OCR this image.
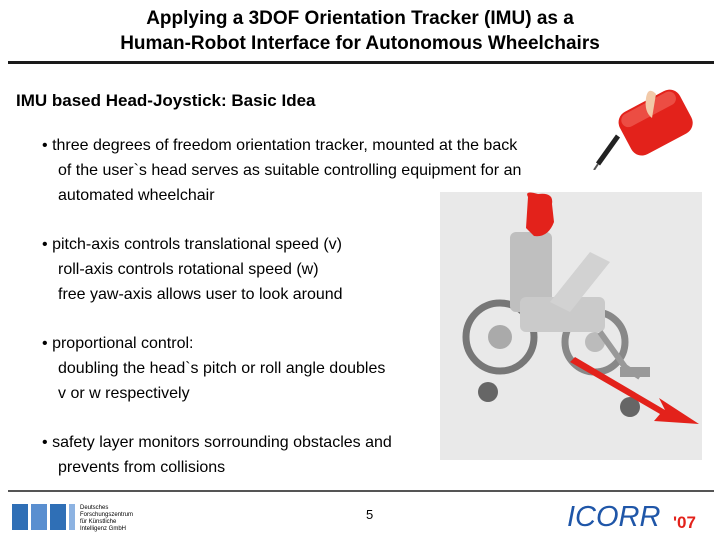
Applying a 3DOF Orientation Tracker (IMU) as a
Human-Robot Interface for Autonomous Wheelchairs
IMU based Head-Joystick: Basic Idea
• three degrees of freedom orientation tracker, mounted at the back
of the user`s head serves as suitable controlling equipment for an
automated wheelchair
• pitch-axis controls translational speed (v)
roll-axis controls rotational speed (w)
free yaw-axis allows user to look around
• proportional control:
doubling the head`s pitch or roll angle doubles
v or w respectively
• safety layer monitors sorrounding obstacles and
prevents from collisions
Deutsches
Forschungszentrum
für Künstliche
Intelligenz GmbH
5	ICORR '07
